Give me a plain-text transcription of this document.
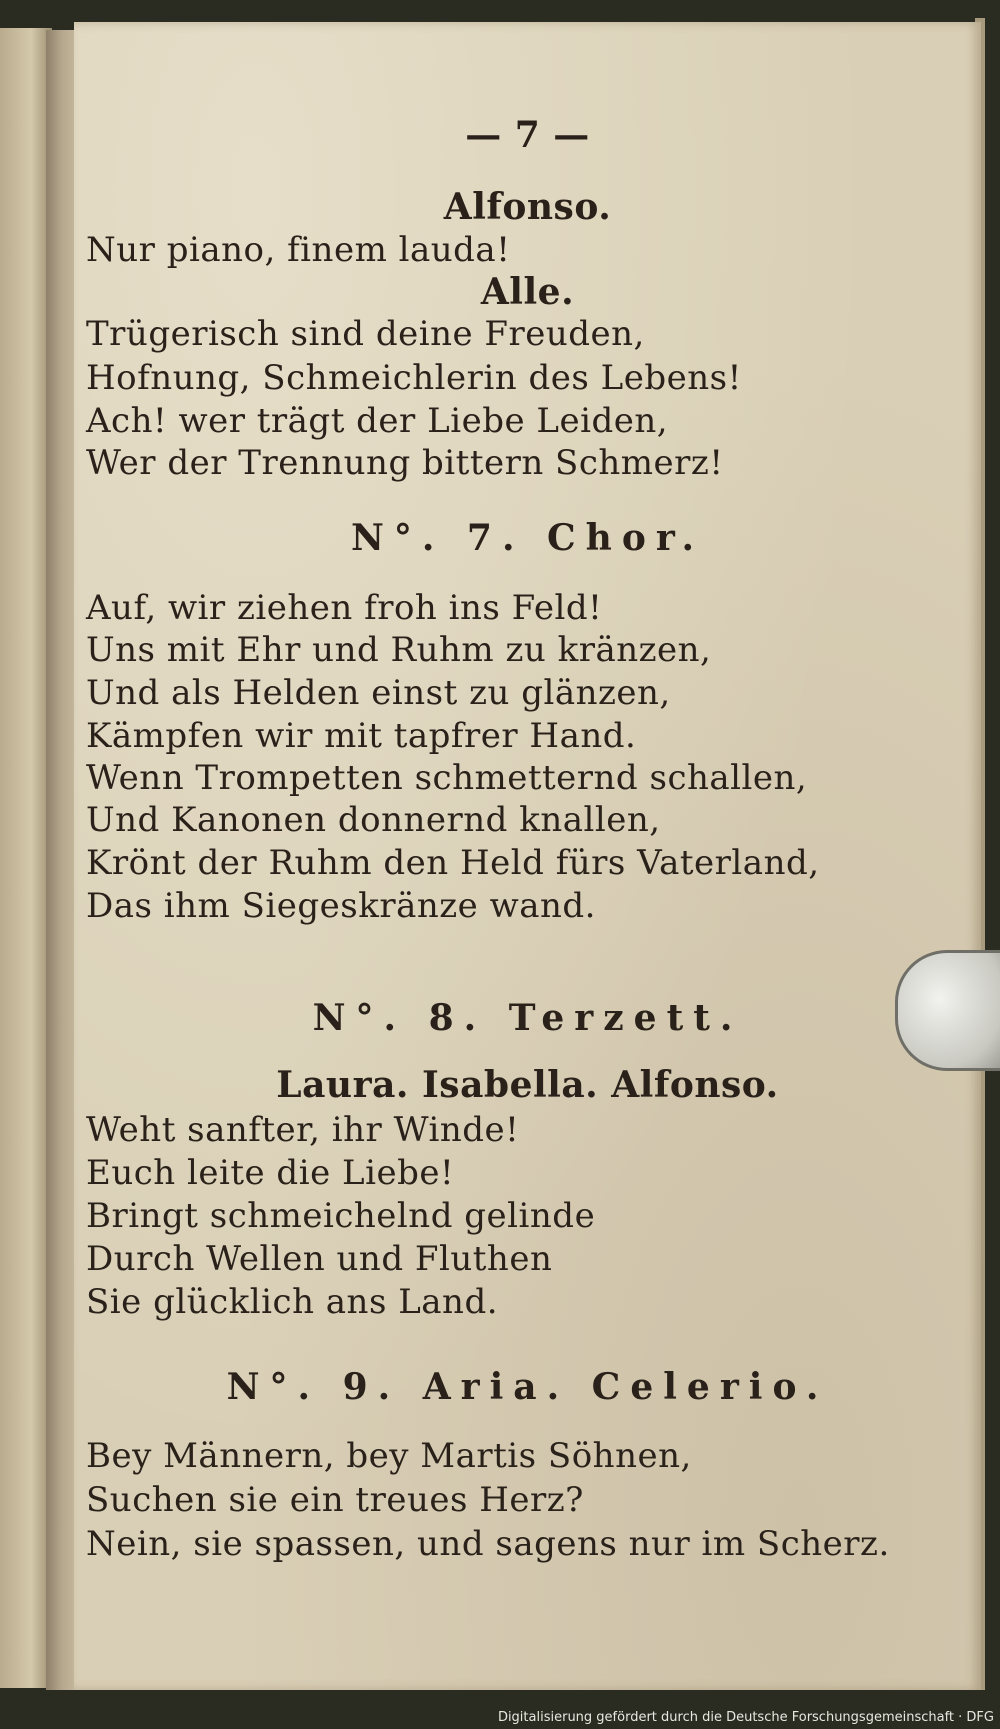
— 7 —
Alfonso.
Nur piano, finem lauda!
Alle.
Trügerisch sind deine Freuden,
Hofnung, Schmeichlerin des Lebens!
Ach! wer trägt der Liebe Leiden,
Wer der Trennung bittern Schmerz!
N°. 7. Chor.
Auf, wir ziehen froh ins Feld!
Uns mit Ehr und Ruhm zu kränzen,
Und als Helden einst zu glänzen,
Kämpfen wir mit tapfrer Hand.
Wenn Trompetten schmetternd schallen,
Und Kanonen donnernd knallen,
Krönt der Ruhm den Held fürs Vaterland,
Das ihm Siegeskränze wand.
N°. 8. Terzett.
Laura. Isabella. Alfonso.
Weht sanfter, ihr Winde!
Euch leite die Liebe!
Bringt schmeichelnd gelinde
Durch Wellen und Fluthen
Sie glücklich ans Land.
N°. 9. Aria. Celerio.
Bey Männern, bey Martis Söhnen,
Suchen sie ein treues Herz?
Nein, sie spassen, und sagens nur im Scherz.
Digitalisierung gefördert durch die Deutsche Forschungsgemeinschaft · DFG
